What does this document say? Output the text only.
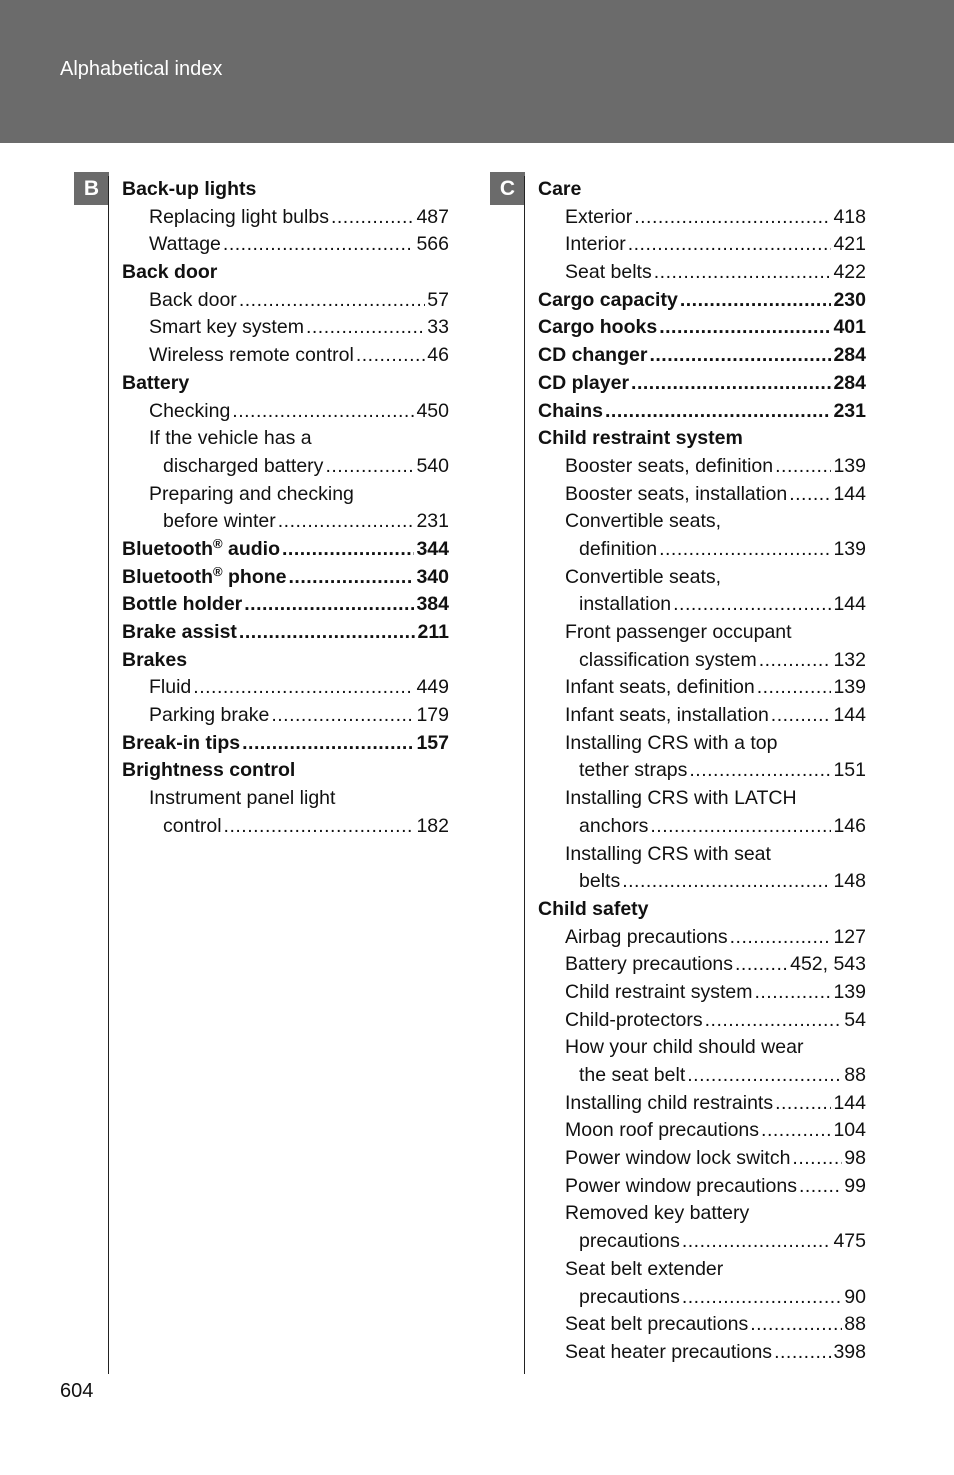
Alphabetical index
B	Back-up lights
Replacing light bulbs .....	487
Wattage .....	566
Back door
Back door .....	57
Smart key system .....	33
Wireless remote control .....	46
Battery
Checking .....	450
If the vehicle has a
discharged battery .....	540
Preparing and checking
before winter .....	231
Bluetooth® audio .....	344
Bluetooth® phone .....	340
Bottle holder .....	384
Brake assist .....	211
Brakes
Fluid .....	449
Parking brake .....	179
Break-in tips .....	157
Brightness control
Instrument panel light
control .....	182
C	Care
Exterior .....	418
Interior .....	421
Seat belts .....	422
Cargo capacity .....	230
Cargo hooks .....	401
CD changer .....	284
CD player .....	284
Chains .....	231
Child restraint system
Booster seats, definition .....	139
Booster seats, installation ..... 144
Convertible seats,
definition .....	139
Convertible seats,
installation .....	144
Front passenger occupant
classification system .....	132
Infant seats, definition .....	139
Infant seats, installation .....	144
Installing CRS with a top
tether straps .....	151
Installing CRS with LATCH
anchors .....	146
Installing CRS with seat
belts .....	148
Child safety
Airbag precautions .....	127
Battery precautions .....	452, 543
Child restraint system .....	139
Child-protectors .....	54
How your child should wear
the seat belt .....	88
Installing child restraints .....	144
Moon roof precautions .....	104
Power window lock switch .....	98
Power window precautions ..... 99
Removed key battery
precautions .....	475
Seat belt extender
precautions .....	90
Seat belt precautions .....	88
Seat heater precautions .....	398
604
